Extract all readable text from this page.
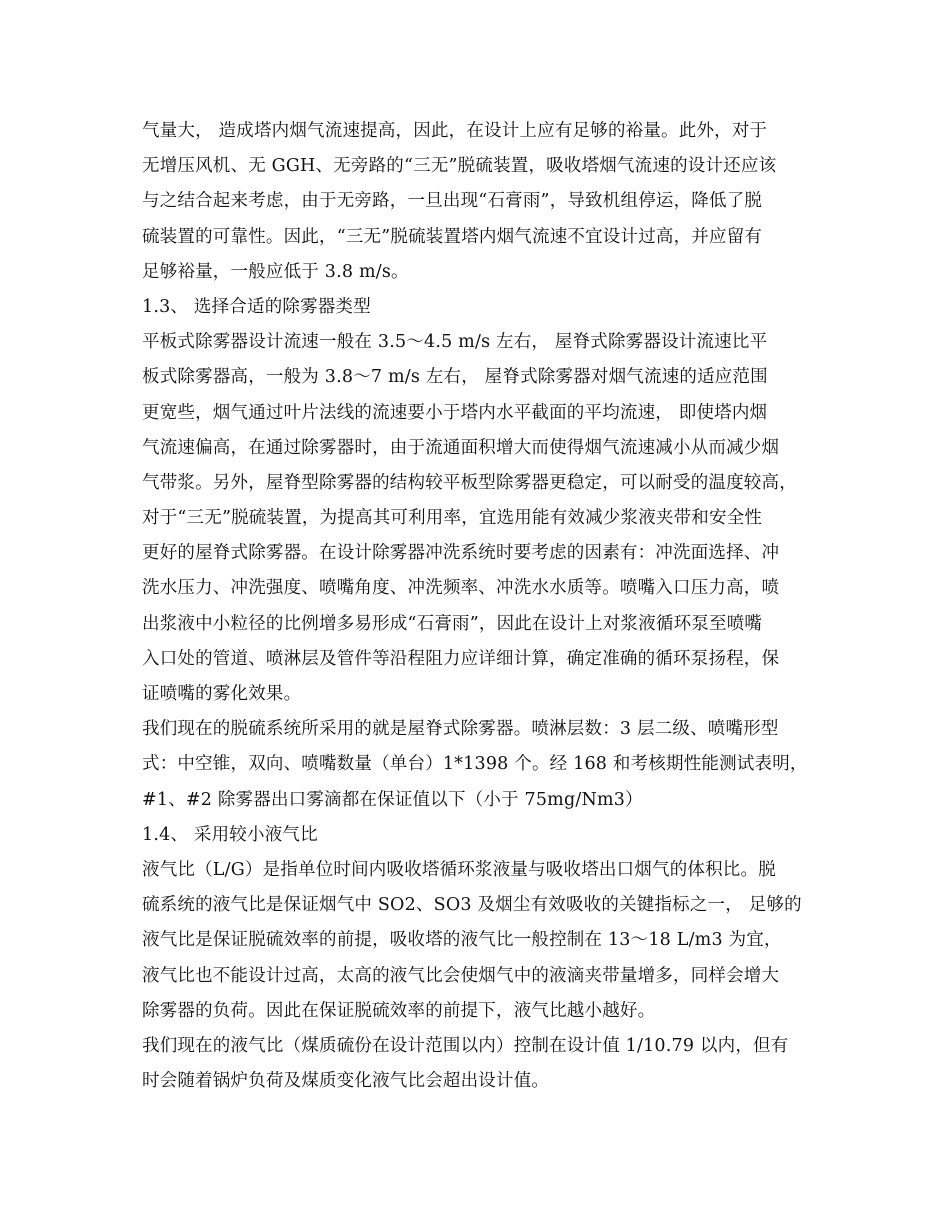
气量大， 造成塔内烟气流速提高，因此，在设计上应有足够的裕量。此外，对于
无增压风机、无 GGH、无旁路的“三无”脱硫装置，吸收塔烟气流速的设计还应该
与之结合起来考虑，由于无旁路，一旦出现“石膏雨”，导致机组停运，降低了脱
硫装置的可靠性。因此，“三无”脱硫装置塔内烟气流速不宜设计过高，并应留有
足够裕量，一般应低于 3.8 m/s。
1.3、 选择合适的除雾器类型
平板式除雾器设计流速一般在 3.5～4.5 m/s 左右， 屋脊式除雾器设计流速比平
板式除雾器高，一般为 3.8～7 m/s 左右， 屋脊式除雾器对烟气流速的适应范围
更宽些，烟气通过叶片法线的流速要小于塔内水平截面的平均流速， 即使塔内烟
气流速偏高，在通过除雾器时，由于流通面积增大而使得烟气流速减小从而减少烟
气带浆。另外，屋脊型除雾器的结构较平板型除雾器更稳定，可以耐受的温度较高，
对于“三无”脱硫装置，为提高其可利用率，宜选用能有效减少浆液夹带和安全性
更好的屋脊式除雾器。在设计除雾器冲洗系统时要考虑的因素有：冲洗面选择、冲
洗水压力、冲洗强度、喷嘴角度、冲洗频率、冲洗水水质等。喷嘴入口压力高，喷
出浆液中小粒径的比例增多易形成“石膏雨”，因此在设计上对浆液循环泵至喷嘴
入口处的管道、喷淋层及管件等沿程阻力应详细计算，确定准确的循环泵扬程，保
证喷嘴的雾化效果。
我们现在的脱硫系统所采用的就是屋脊式除雾器。喷淋层数：3 层二级、喷嘴形型
式：中空锥，双向、喷嘴数量（单台）1*1398 个。经 168 和考核期性能测试表明，
#1、#2 除雾器出口雾滴都在保证值以下（小于 75mg/Nm3）
1.4、 采用较小液气比
液气比（L/G）是指单位时间内吸收塔循环浆液量与吸收塔出口烟气的体积比。脱
硫系统的液气比是保证烟气中 SO2、SO3 及烟尘有效吸收的关键指标之一， 足够的
液气比是保证脱硫效率的前提，吸收塔的液气比一般控制在 13～18 L/m3 为宜，
液气比也不能设计过高，太高的液气比会使烟气中的液滴夹带量增多，同样会增大
除雾器的负荷。因此在保证脱硫效率的前提下，液气比越小越好。
我们现在的液气比（煤质硫份在设计范围以内）控制在设计值 1/10.79 以内，但有
时会随着锅炉负荷及煤质变化液气比会超出设计值。
